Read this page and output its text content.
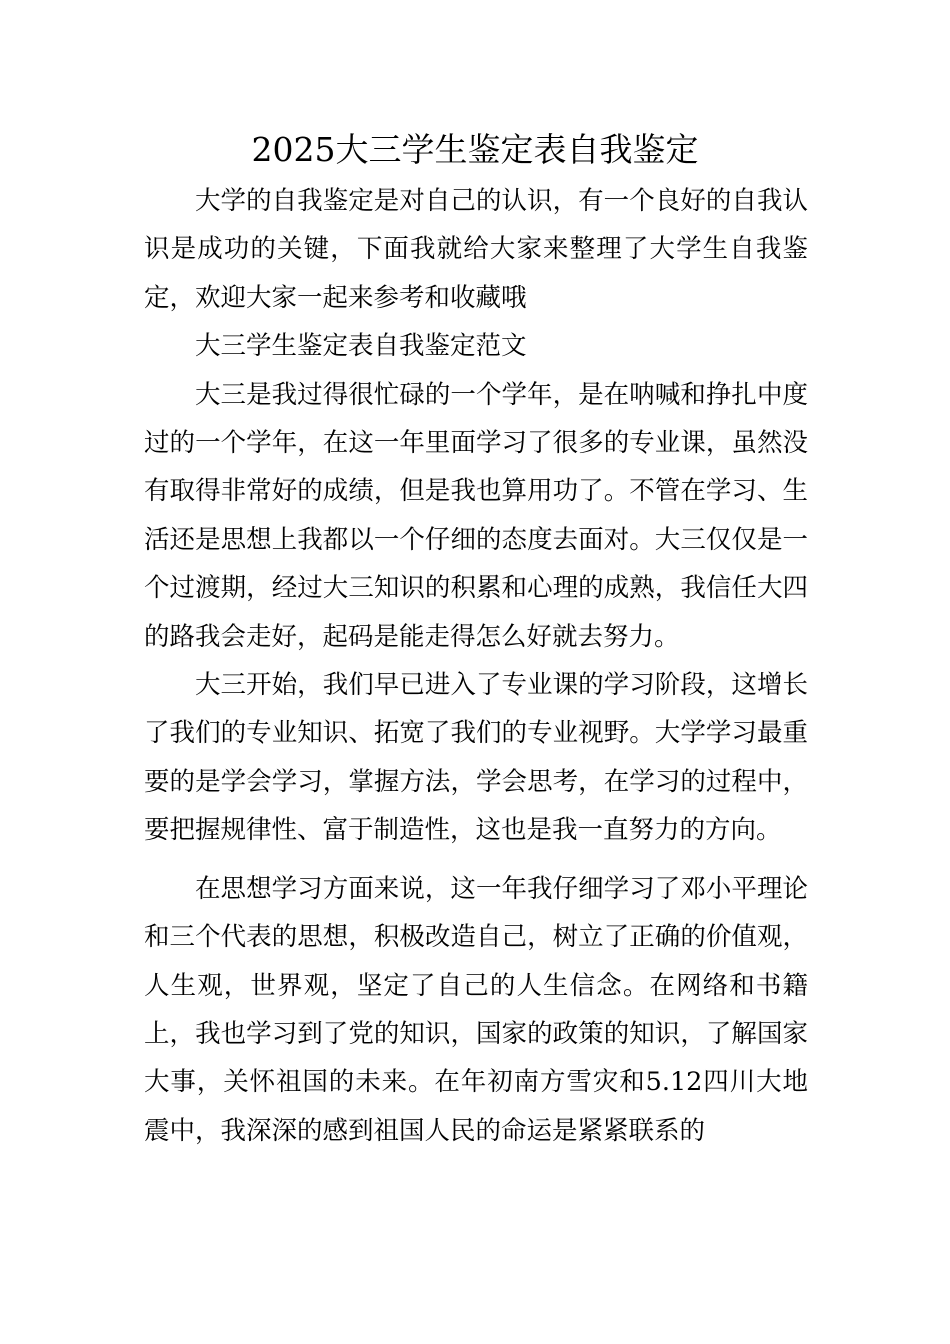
2025大三学生鉴定表自我鉴定

大学的自我鉴定是对自己的认识，有一个良好的自我认识是成功的关键，下面我就给大家来整理了大学生自我鉴定，欢迎大家一起来参考和收藏哦

大三学生鉴定表自我鉴定范文

大三是我过得很忙碌的一个学年，是在呐喊和挣扎中度过的一个学年，在这一年里面学习了很多的专业课，虽然没有取得非常好的成绩，但是我也算用功了。不管在学习、生活还是思想上我都以一个仔细的态度去面对。大三仅仅是一个过渡期，经过大三知识的积累和心理的成熟，我信任大四的路我会走好，起码是能走得怎么好就去努力。

大三开始，我们早已进入了专业课的学习阶段，这增长了我们的专业知识、拓宽了我们的专业视野。大学学习最重要的是学会学习，掌握方法，学会思考，在学习的过程中，要把握规律性、富于制造性，这也是我一直努力的方向。

在思想学习方面来说，这一年我仔细学习了邓小平理论和三个代表的思想，积极改造自己，树立了正确的价值观，人生观，世界观，坚定了自己的人生信念。在网络和书籍上，我也学习到了党的知识，国家的政策的知识，了解国家大事，关怀祖国的未来。在年初南方雪灾和5.12四川大地震中，我深深的感到祖国人民的命运是紧紧联系的
